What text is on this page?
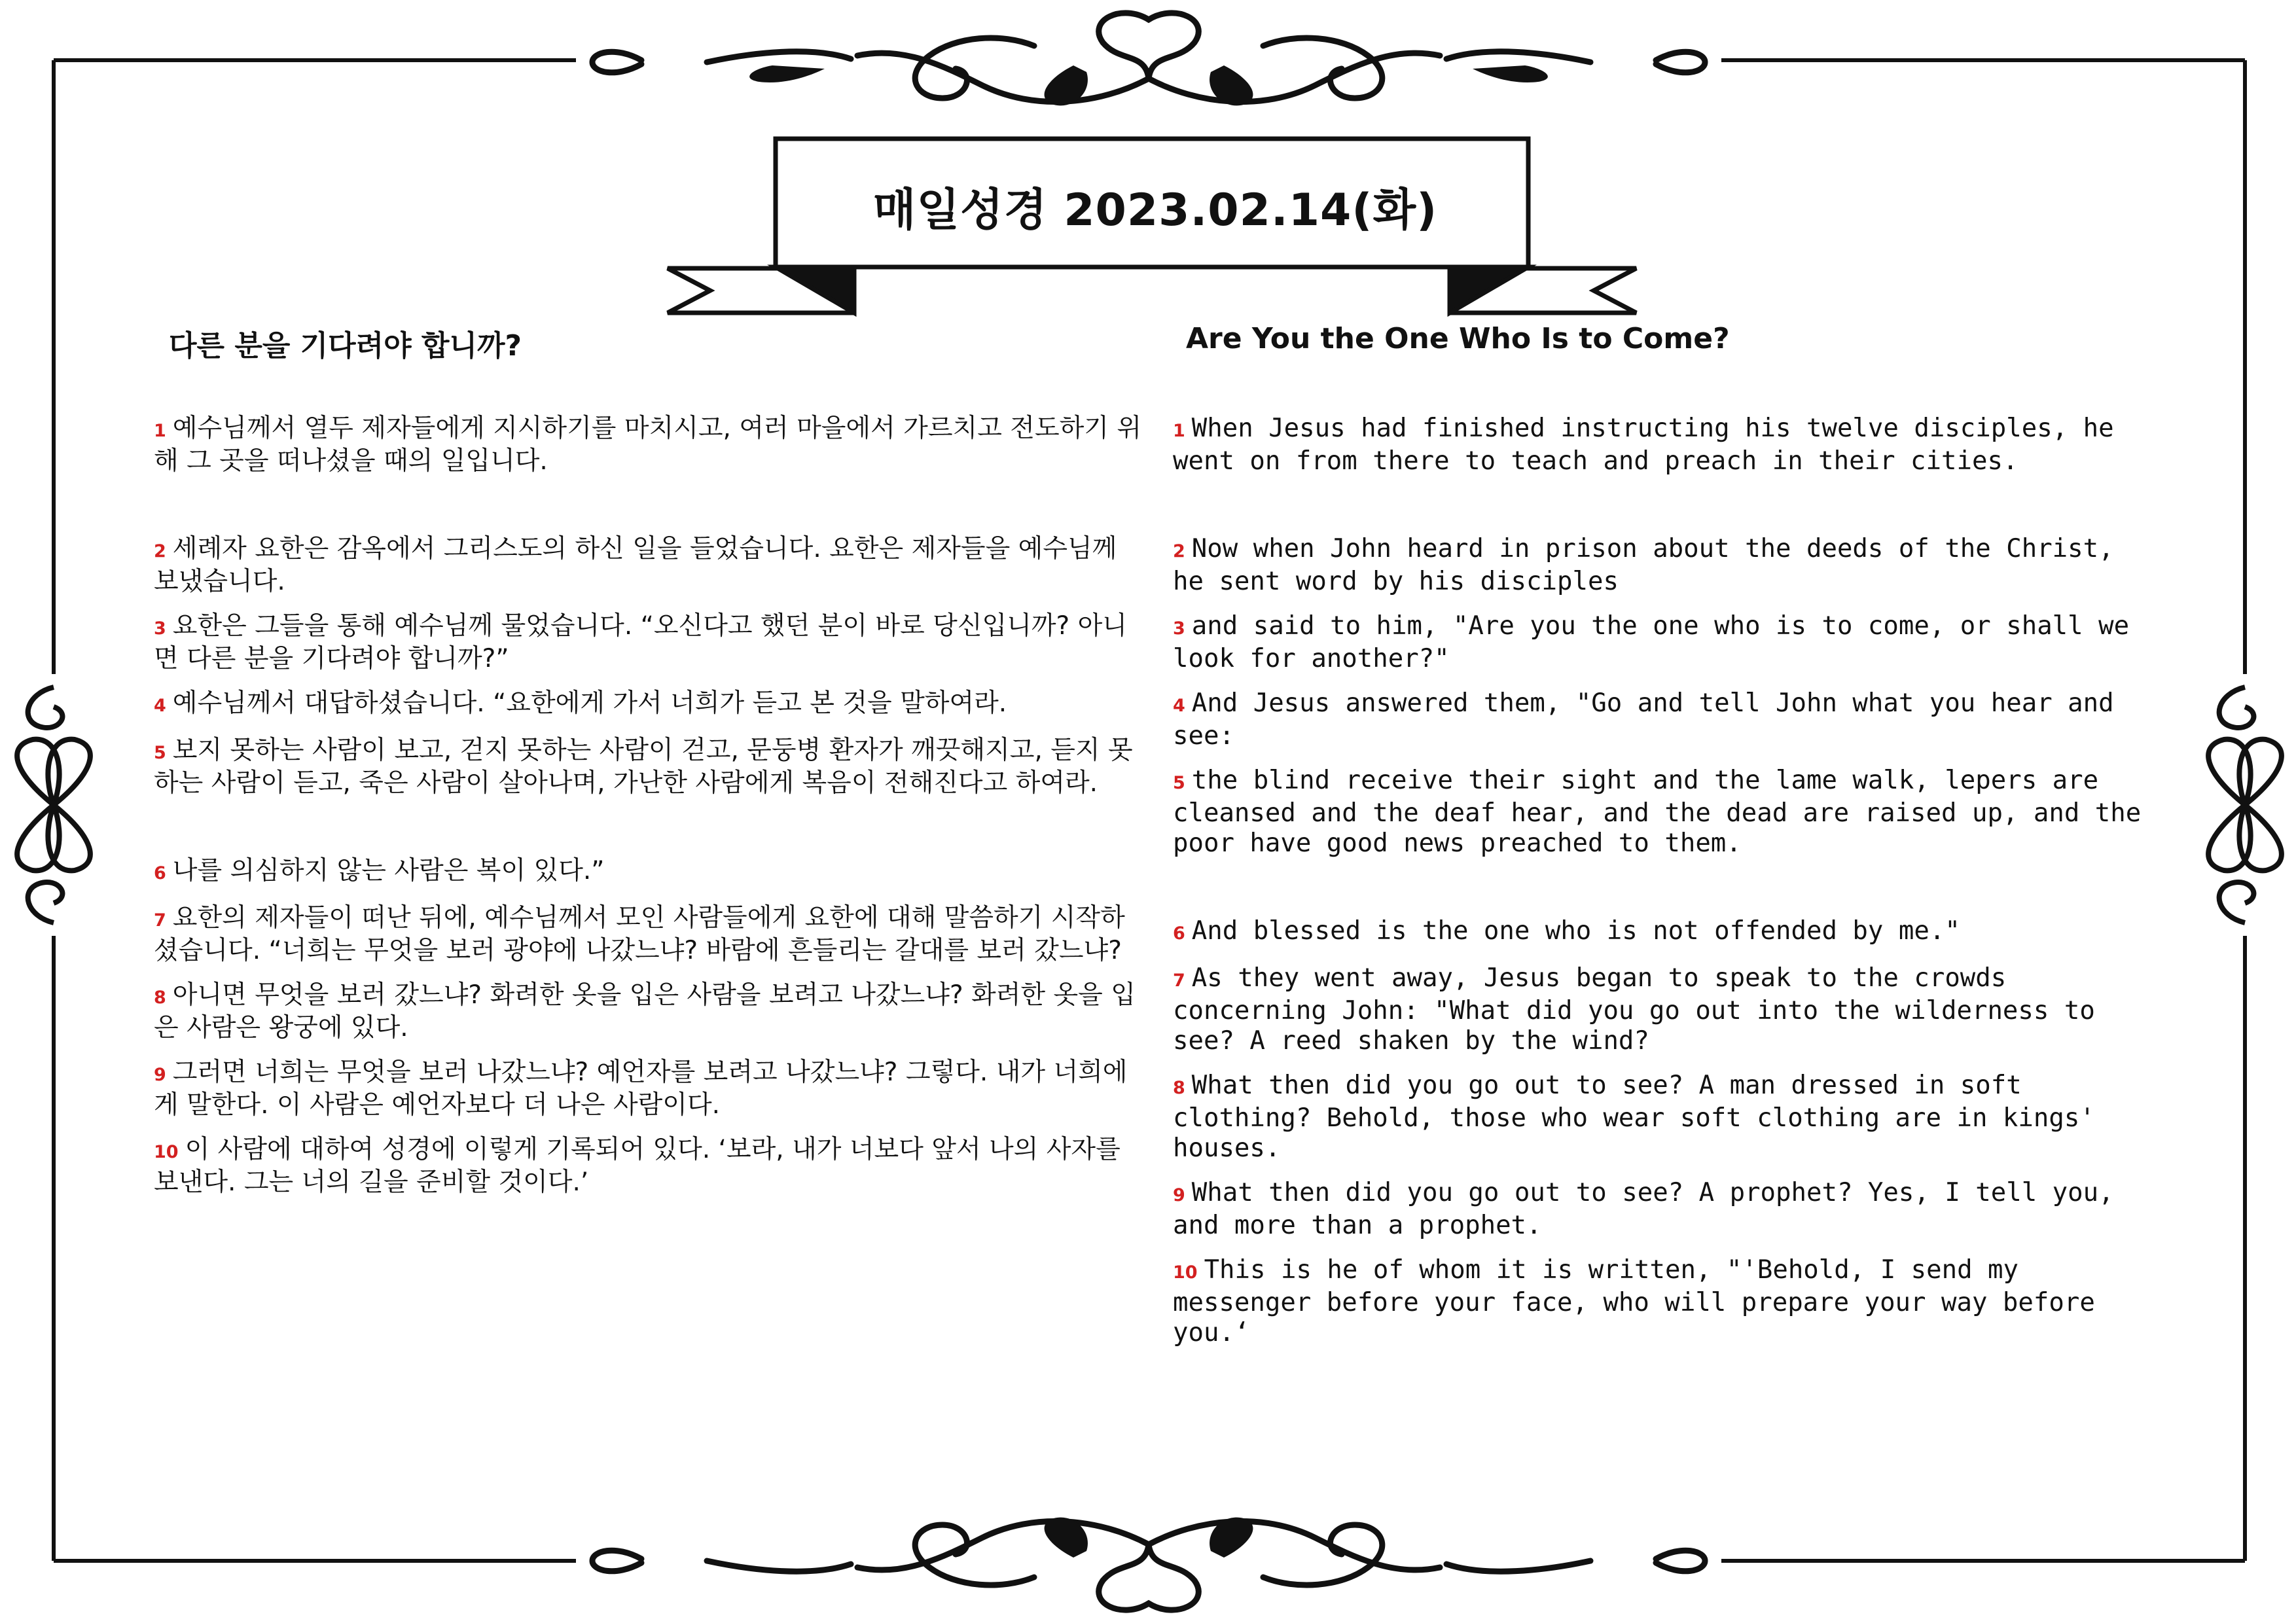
매일성경 2023.02.14(화)
다른 분을 기다려야 합니까?	Are You the One Who Is to Come?

1 예수님께서 열두 제자들에게 지시하기를 마치시고, 여러 마을에서 가르치고 전도하기 위해 그 곳을 떠나셨을 때의 일입니다.

2 세례자 요한은 감옥에서 그리스도의 하신 일을 들었습니다. 요한은 제자들을 예수님께 보냈습니다.

3 요한은 그들을 통해 예수님께 물었습니다. “오신다고 했던 분이 바로 당신입니까? 아니면 다른 분을 기다려야 합니까?”

4 예수님께서 대답하셨습니다. “요한에게 가서 너희가 듣고 본 것을 말하여라.

5 보지 못하는 사람이 보고, 걷지 못하는 사람이 걷고, 문둥병 환자가 깨끗해지고, 듣지 못하는 사람이 듣고, 죽은 사람이 살아나며, 가난한 사람에게 복음이 전해진다고 하여라.

6 나를 의심하지 않는 사람은 복이 있다.”

7 요한의 제자들이 떠난 뒤에, 예수님께서 모인 사람들에게 요한에 대해 말씀하기 시작하셨습니다. “너희는 무엇을 보러 광야에 나갔느냐? 바람에 흔들리는 갈대를 보러 갔느냐?

8 아니면 무엇을 보러 갔느냐? 화려한 옷을 입은 사람을 보려고 나갔느냐? 화려한 옷을 입은 사람은 왕궁에 있다.

9 그러면 너희는 무엇을 보러 나갔느냐? 예언자를 보려고 나갔느냐? 그렇다. 내가 너희에게 말한다. 이 사람은 예언자보다 더 나은 사람이다.

10 이 사람에 대하여 성경에 이렇게 기록되어 있다. ‘보라, 내가 너보다 앞서 나의 사자를 보낸다. 그는 너의 길을 준비할 것이다.’

1 When Jesus had finished instructing his twelve disciples, he went on from there to teach and preach in their cities.

2 Now when John heard in prison about the deeds of the Christ, he sent word by his disciples

3 and said to him, "Are you the one who is to come, or shall we look for another?"

4 And Jesus answered them, "Go and tell John what you hear and see:

5 the blind receive their sight and the lame walk, lepers are cleansed and the deaf hear, and the dead are raised up, and the poor have good news preached to them.

6 And blessed is the one who is not offended by me."

7 As they went away, Jesus began to speak to the crowds concerning John: "What did you go out into the wilderness to see? A reed shaken by the wind?

8 What then did you go out to see? A man dressed in soft clothing? Behold, those who wear soft clothing are in kings' houses.

9 What then did you go out to see? A prophet? Yes, I tell you, and more than a prophet.

10 This is he of whom it is written, "'Behold, I send my messenger before your face, who will prepare your way before you.‘
